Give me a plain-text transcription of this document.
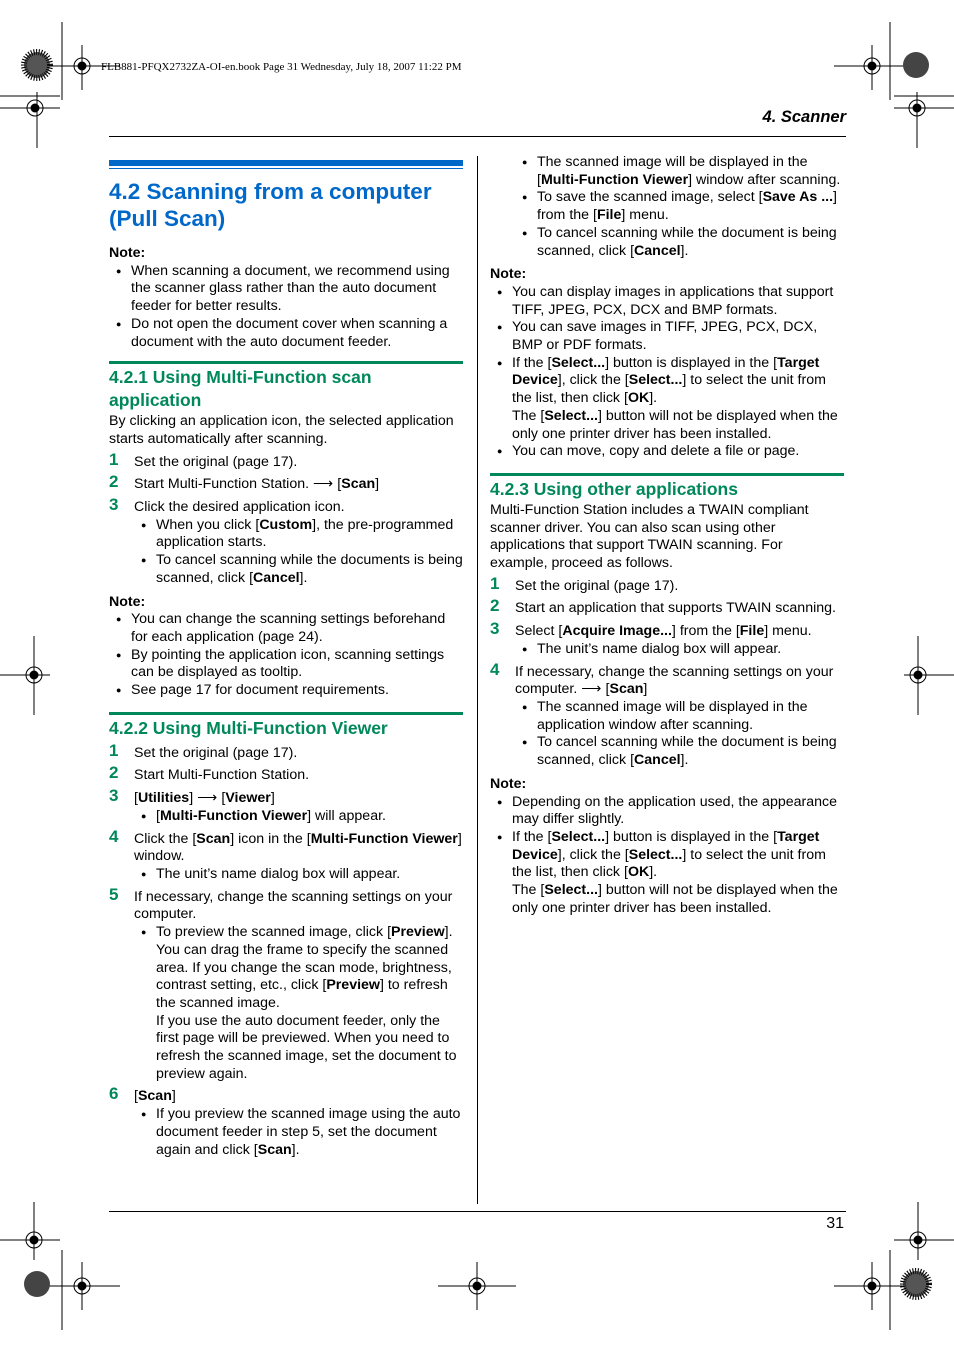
FLB881-PFQX2732ZA-OI-en.book Page 31 Wednesday, July 18, 2007 11:22 PM
4. Scanner
31
4.2 Scanning from a computer (Pull Scan)
Note:
● When scanning a document, we recommend using the scanner glass rather than the auto document feeder for better results.
● Do not open the document cover when scanning a document with the auto document feeder.
4.2.1 Using Multi-Function scan application
By clicking an application icon, the selected application starts automatically after scanning.
1 Set the original (page 17).
2 Start Multi-Function Station. ⟶ [Scan]
3 Click the desired application icon.
● When you click [Custom], the pre-programmed application starts.
● To cancel scanning while the documents is being scanned, click [Cancel].
Note:
● You can change the scanning settings beforehand for each application (page 24).
● By pointing the application icon, scanning settings can be displayed as tooltip.
● See page 17 for document requirements.
4.2.2 Using Multi-Function Viewer
1 Set the original (page 17).
2 Start Multi-Function Station.
3 [Utilities] ⟶ [Viewer]
● [Multi-Function Viewer] will appear.
4 Click the [Scan] icon in the [Multi-Function Viewer] window.
● The unit’s name dialog box will appear.
5 If necessary, change the scanning settings on your computer.
● To preview the scanned image, click [Preview]. You can drag the frame to specify the scanned area. If you change the scan mode, brightness, contrast setting, etc., click [Preview] to refresh the scanned image.
If you use the auto document feeder, only the first page will be previewed. When you need to refresh the scanned image, set the document to preview again.
6 [Scan]
● If you preview the scanned image using the auto document feeder in step 5, set the document again and click [Scan].
● The scanned image will be displayed in the [Multi-Function Viewer] window after scanning.
● To save the scanned image, select [Save As ...] from the [File] menu.
● To cancel scanning while the document is being scanned, click [Cancel].
Note:
● You can display images in applications that support TIFF, JPEG, PCX, DCX and BMP formats.
● You can save images in TIFF, JPEG, PCX, DCX, BMP or PDF formats.
● If the [Select...] button is displayed in the [Target Device], click the [Select...] to select the unit from the list, then click [OK].
The [Select...] button will not be displayed when the only one printer driver has been installed.
● You can move, copy and delete a file or page.
4.2.3 Using other applications
Multi-Function Station includes a TWAIN compliant scanner driver. You can also scan using other applications that support TWAIN scanning. For example, proceed as follows.
1 Set the original (page 17).
2 Start an application that supports TWAIN scanning.
3 Select [Acquire Image...] from the [File] menu.
● The unit’s name dialog box will appear.
4 If necessary, change the scanning settings on your computer. ⟶ [Scan]
● The scanned image will be displayed in the application window after scanning.
● To cancel scanning while the document is being scanned, click [Cancel].
Note:
● Depending on the application used, the appearance may differ slightly.
● If the [Select...] button is displayed in the [Target Device], click the [Select...] to select the unit from the list, then click [OK].
The [Select...] button will not be displayed when the only one printer driver has been installed.
